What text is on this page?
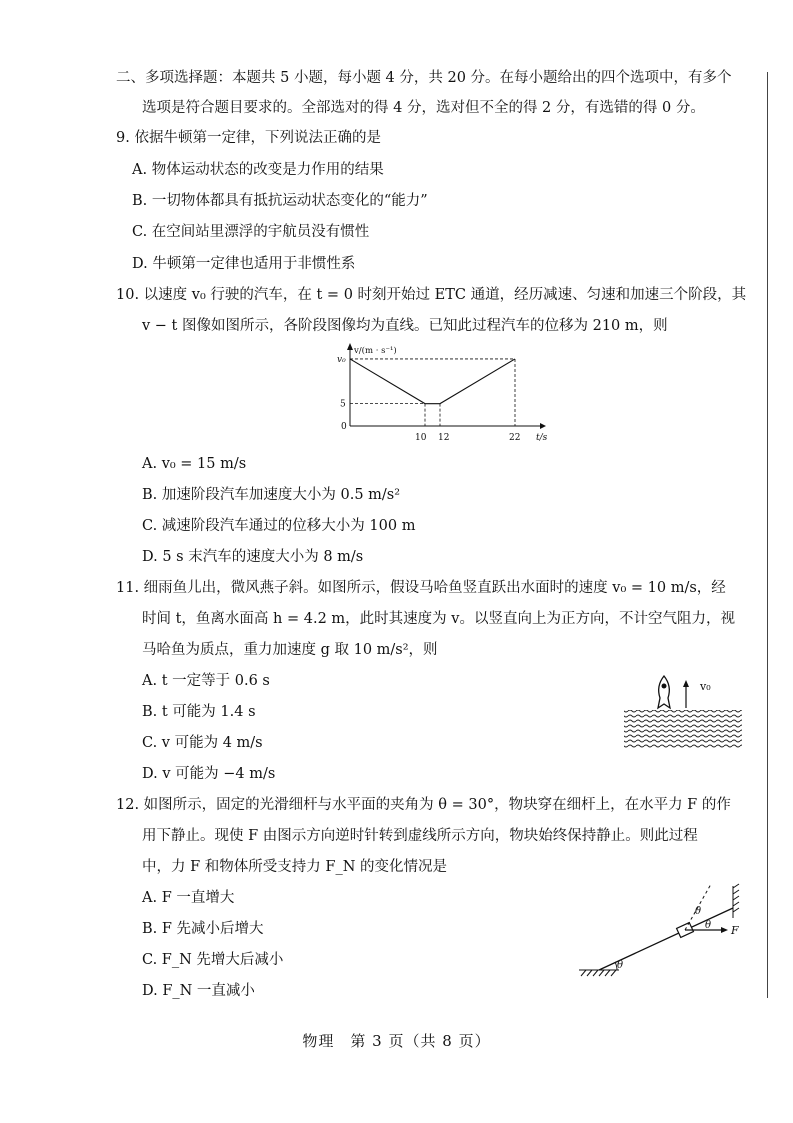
二、多项选择题：本题共 5 小题，每小题 4 分，共 20 分。在每小题给出的四个选项中，有多个
选项是符合题目要求的。全部选对的得 4 分，选对但不全的得 2 分，有选错的得 0 分。
9. 依据牛顿第一定律，下列说法正确的是
A. 物体运动状态的改变是力作用的结果
B. 一切物体都具有抵抗运动状态变化的“能力”
C. 在空间站里漂浮的宇航员没有惯性
D. 牛顿第一定律也适用于非惯性系
10. 以速度 v₀ 行驶的汽车，在 t = 0 时刻开始过 ETC 通道，经历减速、匀速和加速三个阶段，其
v − t 图像如图所示，各阶段图像均为直线。已知此过程汽车的位移为 210 m，则
v/(m · s⁻¹)
t/s
0
5
v₀
10 12	22
A. v₀ = 15 m/s
B. 加速阶段汽车加速度大小为 0.5 m/s²
C. 减速阶段汽车通过的位移大小为 100 m
D. 5 s 末汽车的速度大小为 8 m/s
11. 细雨鱼儿出，微风燕子斜。如图所示，假设马哈鱼竖直跃出水面时的速度 v₀ = 10 m/s，经
时间 t，鱼离水面高 h = 4.2 m，此时其速度为 v。以竖直向上为正方向，不计空气阻力，视
马哈鱼为质点，重力加速度 g 取 10 m/s²，则
A. t 一定等于 0.6 s
B. t 可能为 1.4 s
C. v 可能为 4 m/s
D. v 可能为 −4 m/s
v₀
12. 如图所示，固定的光滑细杆与水平面的夹角为 θ = 30°，物块穿在细杆上，在水平力 F 的作
用下静止。现使 F 由图示方向逆时针转到虚线所示方向，物块始终保持静止。则此过程
中，力 F 和物体所受支持力 F_N 的变化情况是
A. F 一直增大
B. F 先减小后增大
C. F_N 先增大后减小
D. F_N 一直减小
θ
F
θ
θ
物理　第 3 页（共 8 页）
